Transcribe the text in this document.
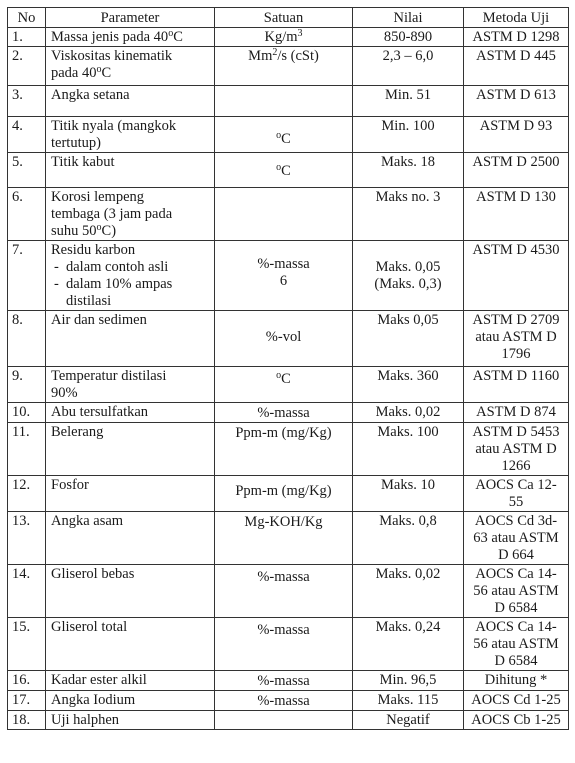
No	Parameter	Satuan	Nilai	Metoda Uji
1.	Massa jenis pada 40$^o$C	$Kg/m^3$	850-890	ASTM D 1298

2.	Viskositas kinematik
pada 40$^o$C	Mm$^2$/s (cSt)	2,3 – 6,0	ASTM D 445

3.	Angka setana		Min. 51	ASTM D 613

4.	Titik nyala (mangkok
tertutup)	$^o$C	Min. 100	ASTM D 93

5.	Titik kabut	$^o$C	Maks. 18	ASTM D 2500

6.	Korosi lempeng
tembaga (3 jam pada
suhu 50$^o$C)		Maks no. 3	ASTM D 130

7.	Residu karbon
- dalam contoh asli
- dalam 10% ampas
distilasi	%-massa
6	Maks. 0,05
(Maks. 0,3)	ASTM D 4530

8.	Air dan sedimen	%-vol	Maks 0,05	ASTM D 2709
atau ASTM D
1796

9.	Temperatur distilasi
90%	$^o$C	Maks. 360	ASTM D 1160

10.	Abu tersulfatkan	%-massa	Maks. 0,02	ASTM D 874

11.	Belerang	Ppm-m (mg/Kg)	Maks. 100	ASTM D 5453
atau ASTM D
1266

12.	Fosfor	Ppm-m (mg/Kg)	Maks. 10	AOCS Ca 12-
55

13.	Angka asam	Mg-KOH/Kg	Maks. 0,8	AOCS Cd 3d-
63 atau ASTM
D 664

14.	Gliserol bebas	%-massa	Maks. 0,02	AOCS Ca 14-
56 atau ASTM
D 6584

15.	Gliserol total	%-massa	Maks. 0,24	AOCS Ca 14-
56 atau ASTM
D 6584

16.	Kadar ester alkil	%-massa	Min. 96,5	Dihitung *

17.	Angka Iodium	%-massa	Maks. 115	AOCS Cd 1-25

18.	Uji halphen		Negatif	AOCS Cb 1-25
